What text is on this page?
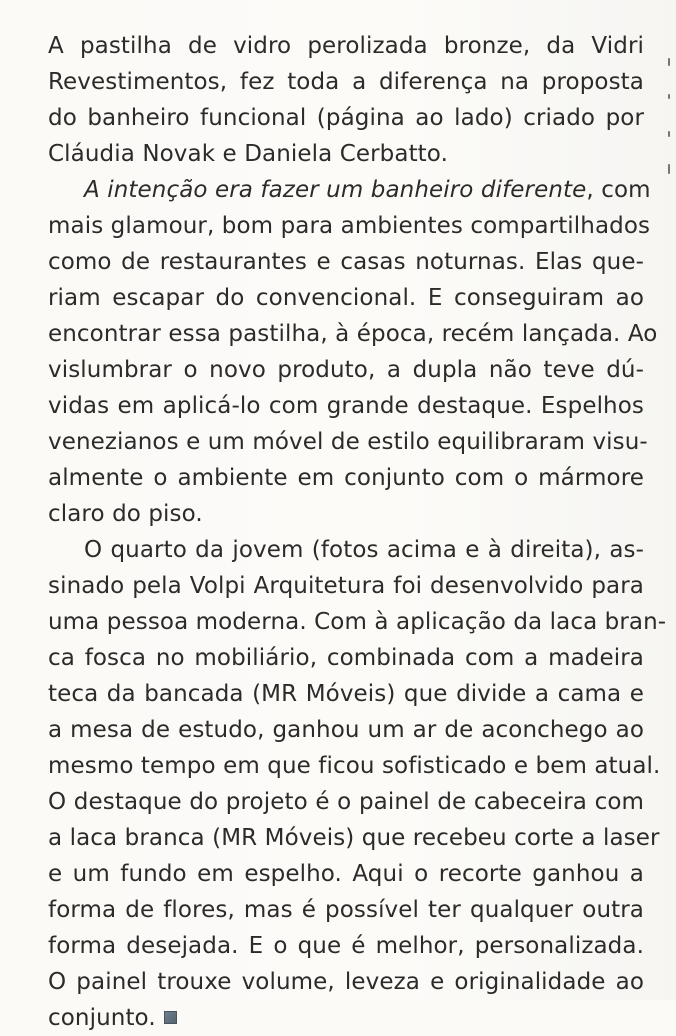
A pastilha de vidro perolizada bronze, da Vidri
Revestimentos, fez toda a diferença na proposta
do banheiro funcional (página ao lado) criado por
Cláudia Novak e Daniela Cerbatto.
A intenção era fazer um banheiro diferente, com
mais glamour, bom para ambientes compartilhados
como de restaurantes e casas noturnas. Elas que-
riam escapar do convencional. E conseguiram ao
encontrar essa pastilha, à época, recém lançada. Ao
vislumbrar o novo produto, a dupla não teve dú-
vidas em aplicá-lo com grande destaque. Espelhos
venezianos e um móvel de estilo equilibraram visu-
almente o ambiente em conjunto com o mármore
claro do piso.
O quarto da jovem (fotos acima e à direita), as-
sinado pela Volpi Arquitetura foi desenvolvido para
uma pessoa moderna. Com à aplicação da laca bran-
ca fosca no mobiliário, combinada com a madeira
teca da bancada (MR Móveis) que divide a cama e
a mesa de estudo, ganhou um ar de aconchego ao
mesmo tempo em que ficou sofisticado e bem atual.
O destaque do projeto é o painel de cabeceira com
a laca branca (MR Móveis) que recebeu corte a laser
e um fundo em espelho. Aqui o recorte ganhou a
forma de flores, mas é possível ter qualquer outra
forma desejada. E o que é melhor, personalizada.
O painel trouxe volume, leveza e originalidade ao
conjunto.
